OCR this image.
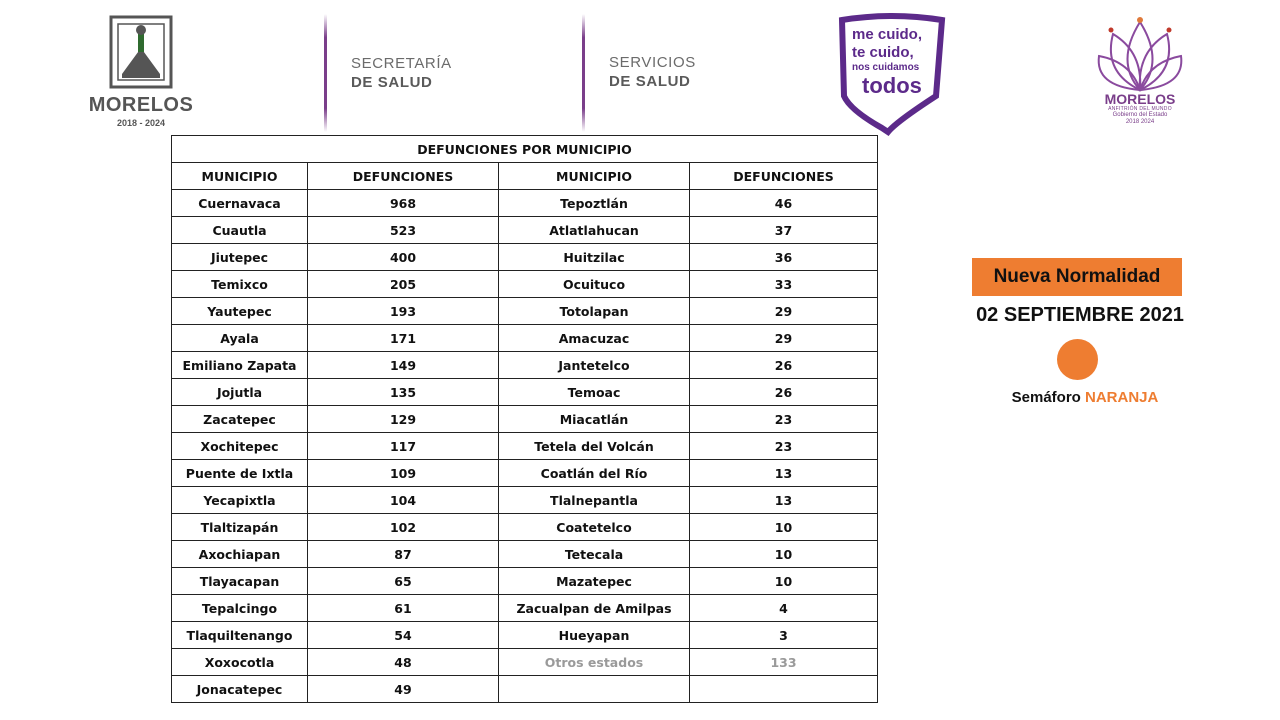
MORELOS
2018 - 2024
SECRETARÍA
DE SALUD
SERVICIOS
DE SALUD
me cuido,
te cuido,
nos cuidamos
todos
MORELOS
ANFITRIÓN DEL MUNDO
Gobierno del Estado
2018 2024
DEFUNCIONES POR MUNICIPIO			
MUNICIPIO	DEFUNCIONES	MUNICIPIO	DEFUNCIONES
Cuernavaca	968	Tepoztlán	46
Cuautla	523	Atlatlahucan	37
Jiutepec	400	Huitzilac	36
Temixco	205	Ocuituco	33
Yautepec	193	Totolapan	29
Ayala	171	Amacuzac	29
Emiliano Zapata	149	Jantetelco	26
Jojutla	135	Temoac	26
Zacatepec	129	Miacatlán	23
Xochitepec	117	Tetela del Volcán	23
Puente de Ixtla	109	Coatlán del Río	13
Yecapixtla	104	Tlalnepantla	13
Tlaltizapán	102	Coatetelco	10
Axochiapan	87	Tetecala	10
Tlayacapan	65	Mazatepec	10
Tepalcingo	61	Zacualpan de Amilpas	4
Tlaquiltenango	54	Hueyapan	3
Xoxocotla	48	Otros estados	133
Jonacatepec	49		
Nueva Normalidad
02 SEPTIEMBRE 2021
Semáforo NARANJA
